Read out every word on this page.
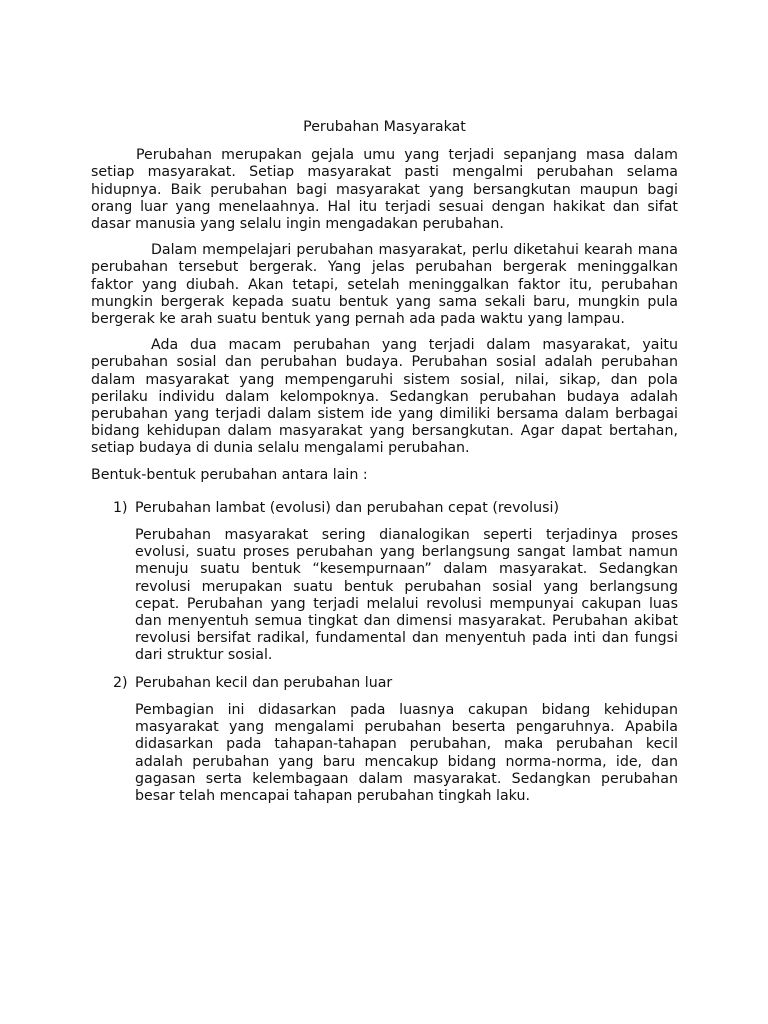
Perubahan Masyarakat

Perubahan merupakan gejala umu yang terjadi sepanjang masa dalam setiap masyarakat. Setiap masyarakat pasti mengalmi perubahan selama hidupnya. Baik perubahan bagi masyarakat yang bersangkutan maupun bagi orang luar yang menelaahnya. Hal itu terjadi sesuai dengan hakikat dan sifat dasar manusia yang selalu ingin mengadakan perubahan.

Dalam mempelajari perubahan masyarakat, perlu diketahui kearah mana perubahan tersebut bergerak. Yang jelas perubahan bergerak meninggalkan faktor yang diubah. Akan tetapi, setelah meninggalkan faktor itu, perubahan mungkin bergerak kepada suatu bentuk yang sama sekali baru, mungkin pula bergerak ke arah suatu bentuk yang pernah ada pada waktu yang lampau.

Ada dua macam perubahan yang terjadi dalam masyarakat, yaitu perubahan sosial dan perubahan budaya. Perubahan sosial adalah perubahan dalam masyarakat yang mempengaruhi sistem sosial, nilai, sikap, dan pola perilaku individu dalam kelompoknya. Sedangkan perubahan budaya adalah perubahan yang terjadi dalam sistem ide yang dimiliki bersama dalam berbagai bidang kehidupan dalam masyarakat yang bersangkutan. Agar dapat bertahan, setiap budaya di dunia selalu mengalami perubahan.

Bentuk-bentuk perubahan antara lain :

1) Perubahan lambat (evolusi) dan perubahan cepat (revolusi)

Perubahan masyarakat sering dianalogikan seperti terjadinya proses evolusi, suatu proses perubahan yang berlangsung sangat lambat namun menuju suatu bentuk “kesempurnaan” dalam masyarakat. Sedangkan revolusi merupakan suatu bentuk perubahan sosial yang berlangsung cepat. Perubahan yang terjadi melalui revolusi mempunyai cakupan luas dan menyentuh semua tingkat dan dimensi masyarakat. Perubahan akibat revolusi bersifat radikal, fundamental dan menyentuh pada inti dan fungsi dari struktur sosial.

2) Perubahan kecil dan perubahan luar

Pembagian ini didasarkan pada luasnya cakupan bidang kehidupan masyarakat yang mengalami perubahan beserta pengaruhnya. Apabila didasarkan pada tahapan-tahapan perubahan, maka perubahan kecil adalah perubahan yang baru mencakup bidang norma-norma, ide, dan gagasan serta kelembagaan dalam masyarakat. Sedangkan perubahan besar telah mencapai tahapan perubahan tingkah laku.
